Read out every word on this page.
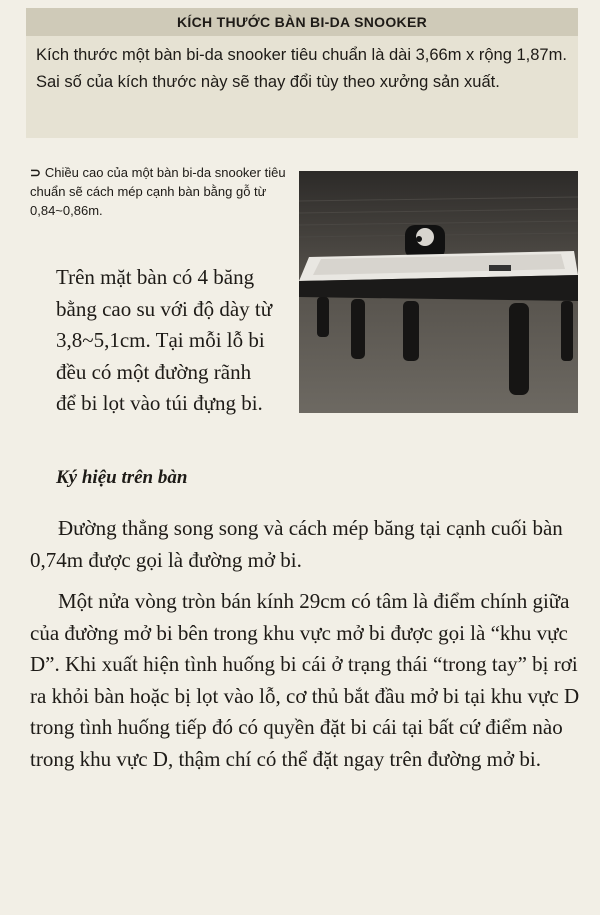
KÍCH THƯỚC BÀN BI-DA SNOOKER
Kích thước một bàn bi-da snooker tiêu chuẩn là dài 3,66m x rộng 1,87m. Sai số của kích thước này sẽ thay đổi tùy theo xưởng sản xuất.
⊃ Chiều cao của một bàn bi-da snooker tiêu chuẩn sẽ cách mép cạnh bàn bằng gỗ từ 0,84~0,86m.
Trên mặt bàn có 4 băng bằng cao su với độ dày từ 3,8~5,1cm. Tại mỗi lỗ bi đều có một đường rãnh để bi lọt vào túi đựng bi.
Ký hiệu trên bàn
Đường thẳng song song và cách mép băng tại cạnh cuối bàn 0,74m được gọi là đường mở bi.
Một nửa vòng tròn bán kính 29cm có tâm là điểm chính giữa của đường mở bi bên trong khu vực mở bi được gọi là “khu vực D”. Khi xuất hiện tình huống bi cái ở trạng thái “trong tay” bị rơi ra khỏi bàn hoặc bị lọt vào lỗ, cơ thủ bắt đầu mở bi tại khu vực D trong tình huống tiếp đó có quyền đặt bi cái tại bất cứ điểm nào trong khu vực D, thậm chí có thể đặt ngay trên đường mở bi.
